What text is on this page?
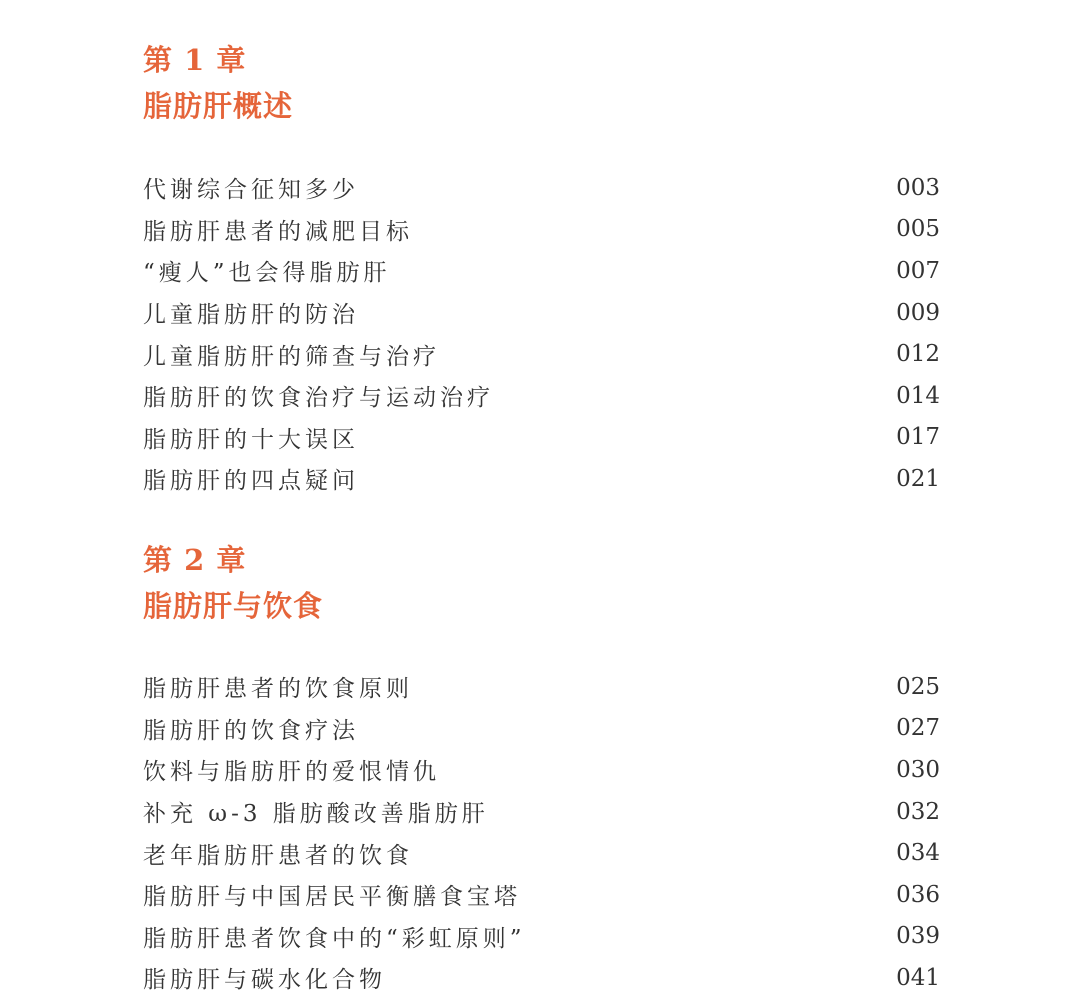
第 1 章
脂肪肝概述
代谢综合征知多少	003
脂肪肝患者的减肥目标	005
“瘦人”也会得脂肪肝	007
儿童脂肪肝的防治	009
儿童脂肪肝的筛查与治疗	012
脂肪肝的饮食治疗与运动治疗	014
脂肪肝的十大误区	017
脂肪肝的四点疑问	021
第 2 章
脂肪肝与饮食
脂肪肝患者的饮食原则	025
脂肪肝的饮食疗法	027
饮料与脂肪肝的爱恨情仇	030
补充 ω-3 脂肪酸改善脂肪肝	032
老年脂肪肝患者的饮食	034
脂肪肝与中国居民平衡膳食宝塔	036
脂肪肝患者饮食中的“彩虹原则”	039
脂肪肝与碳水化合物	041
